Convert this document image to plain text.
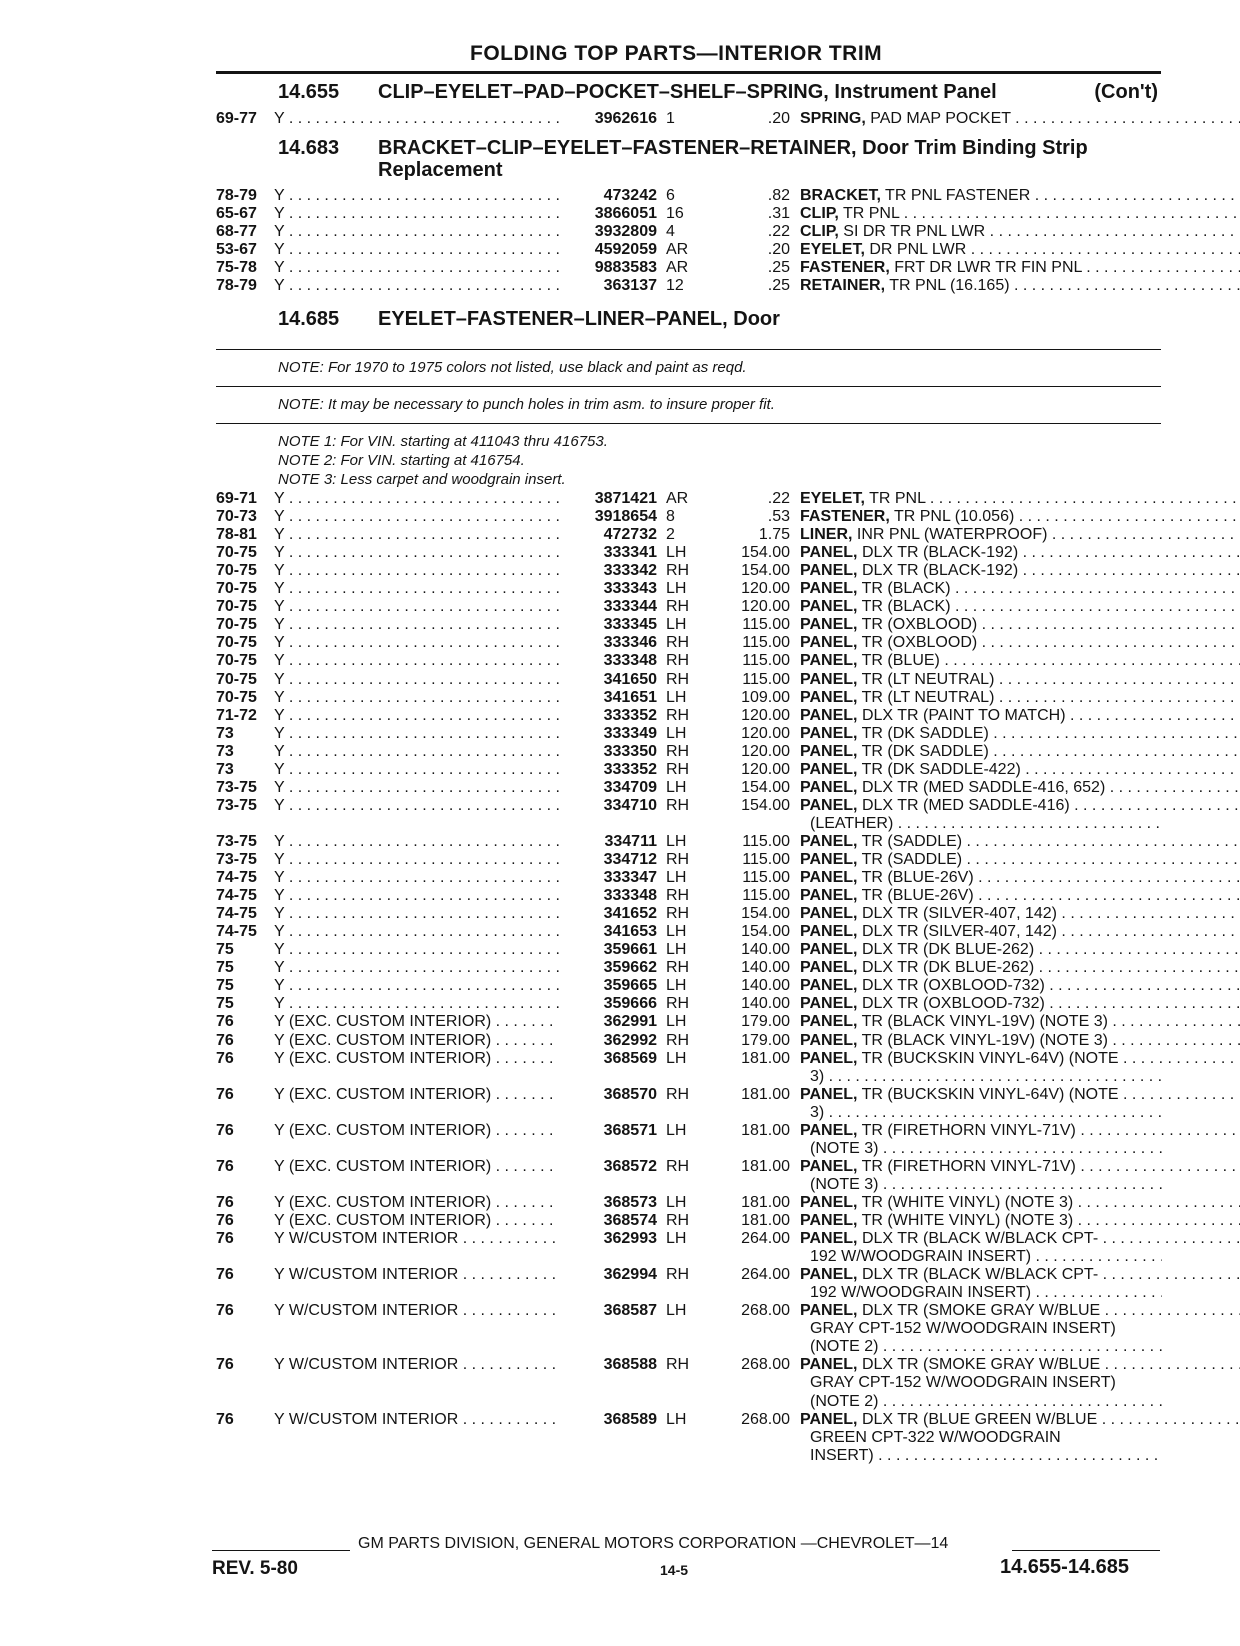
FOLDING TOP PARTS—INTERIOR TRIM
14.655 CLIP–EYELET–PAD–POCKET–SHELF–SPRING, Instrument Panel	(Con't)
69-77	Y . . .	3962616 1	.20 SPRING, PAD MAP POCKET . . .
14.683 BRACKET–CLIP–EYELET–FASTENER–RETAINER, Door Trim Binding Strip
Replacement
78-79	Y . . .	473242 6	.82 BRACKET, TR PNL FASTENER . . .
65-67	Y . . .	3866051 16	.31 CLIP, TR PNL . . .
68-77	Y . . .	3932809 4	.22 CLIP, SI DR TR PNL LWR . . .
53-67	Y . . .	4592059 AR	.20 EYELET, DR PNL LWR . . .
75-78	Y . . .	9883583 AR	.25 FASTENER, FRT DR LWR TR FIN PNL . . .
78-79	Y . . .	363137 12	.25 RETAINER, TR PNL (16.165) . . .
14.685 EYELET–FASTENER–LINER–PANEL, Door
NOTE: For 1970 to 1975 colors not listed, use black and paint as reqd.
NOTE: It may be necessary to punch holes in trim asm. to insure proper fit.
NOTE 1: For VIN. starting at 411043 thru 416753.
NOTE 2: For VIN. starting at 416754.
NOTE 3: Less carpet and woodgrain insert.
69-71	Y . . .	3871421 AR	.22 EYELET, TR PNL . . .
70-73	Y . . .	3918654 8	.53 FASTENER, TR PNL (10.056) . . .
78-81	Y . . .	472732 2	1.75 LINER, INR PNL (WATERPROOF) . . .
70-75	Y . . .	333341 LH	154.00 PANEL, DLX TR (BLACK-192) . . .
70-75	Y . . .	333342 RH	154.00 PANEL, DLX TR (BLACK-192) . . .
70-75	Y . . .	333343 LH	120.00 PANEL, TR (BLACK) . . .
70-75	Y . . .	333344 RH	120.00 PANEL, TR (BLACK) . . .
70-75	Y . . .	333345 LH	115.00 PANEL, TR (OXBLOOD) . . .
70-75	Y . . .	333346 RH	115.00 PANEL, TR (OXBLOOD) . . .
70-75	Y . . .	333348 RH	115.00 PANEL, TR (BLUE) . . .
70-75	Y . . .	341650 RH	115.00 PANEL, TR (LT NEUTRAL) . . .
70-75	Y . . .	341651 LH	109.00 PANEL, TR (LT NEUTRAL) . . .
71-72	Y . . .	333352 RH	120.00 PANEL, DLX TR (PAINT TO MATCH) . . .
73	Y . . .	333349 LH	120.00 PANEL, TR (DK SADDLE) . . .
73	Y . . .	333350 RH	120.00 PANEL, TR (DK SADDLE) . . .
73	Y . . .	333352 RH	120.00 PANEL, TR (DK SADDLE-422) . . .
73-75	Y . . .	334709 LH	154.00 PANEL, DLX TR (MED SADDLE-416, 652) . . .
73-75	Y . . .	334710 RH	154.00 PANEL, DLX TR (MED SADDLE-416) . . .
(LEATHER) . . .
73-75	Y . . .	334711 LH	115.00 PANEL, TR (SADDLE) . . .
73-75	Y . . .	334712 RH	115.00 PANEL, TR (SADDLE) . . .
74-75	Y . . .	333347 LH	115.00 PANEL, TR (BLUE-26V) . . .
74-75	Y . . .	333348 RH	115.00 PANEL, TR (BLUE-26V) . . .
74-75	Y . . .	341652 RH	154.00 PANEL, DLX TR (SILVER-407, 142) . . .
74-75	Y . . .	341653 LH	154.00 PANEL, DLX TR (SILVER-407, 142) . . .
75	Y . . .	359661 LH	140.00 PANEL, DLX TR (DK BLUE-262) . . .
75	Y . . .	359662 RH	140.00 PANEL, DLX TR (DK BLUE-262) . . .
75	Y . . .	359665 LH	140.00 PANEL, DLX TR (OXBLOOD-732) . . .
75	Y . . .	359666 RH	140.00 PANEL, DLX TR (OXBLOOD-732) . . .
76	Y (EXC. CUSTOM INTERIOR) . . .	362991 LH	179.00 PANEL, TR (BLACK VINYL-19V) (NOTE 3) . . .
76	Y (EXC. CUSTOM INTERIOR) . . .	362992 RH	179.00 PANEL, TR (BLACK VINYL-19V) (NOTE 3) . . .
76	Y (EXC. CUSTOM INTERIOR) . . .	368569 LH	181.00 PANEL, TR (BUCKSKIN VINYL-64V) (NOTE . . .
3) . . .
76	Y (EXC. CUSTOM INTERIOR) . . .	368570 RH	181.00 PANEL, TR (BUCKSKIN VINYL-64V) (NOTE . . .
3) . . .
76	Y (EXC. CUSTOM INTERIOR) . . .	368571 LH	181.00 PANEL, TR (FIRETHORN VINYL-71V) . . .
(NOTE 3) . . .
76	Y (EXC. CUSTOM INTERIOR) . . .	368572 RH	181.00 PANEL, TR (FIRETHORN VINYL-71V) . . .
(NOTE 3) . . .
76	Y (EXC. CUSTOM INTERIOR) . . .	368573 LH	181.00 PANEL, TR (WHITE VINYL) (NOTE 3) . . .
76	Y (EXC. CUSTOM INTERIOR) . . .	368574 RH	181.00 PANEL, TR (WHITE VINYL) (NOTE 3) . . .
76	Y W/CUSTOM INTERIOR . . .	362993 LH	264.00 PANEL, DLX TR (BLACK W/BLACK CPT- . . .
192 W/WOODGRAIN INSERT) . . .
76	Y W/CUSTOM INTERIOR . . .	362994 RH	264.00 PANEL, DLX TR (BLACK W/BLACK CPT- . . .
192 W/WOODGRAIN INSERT) . . .
76	Y W/CUSTOM INTERIOR . . .	368587 LH	268.00 PANEL, DLX TR (SMOKE GRAY W/BLUE . . .
GRAY CPT-152 W/WOODGRAIN INSERT)
(NOTE 2) . . .
76	Y W/CUSTOM INTERIOR . . .	368588 RH	268.00 PANEL, DLX TR (SMOKE GRAY W/BLUE . . .
GRAY CPT-152 W/WOODGRAIN INSERT)
(NOTE 2) . . .
76	Y W/CUSTOM INTERIOR . . .	368589 LH	268.00 PANEL, DLX TR (BLUE GREEN W/BLUE . . .
GREEN CPT-322 W/WOODGRAIN
INSERT) . . .
GM PARTS DIVISION, GENERAL MOTORS CORPORATION —CHEVROLET—14
REV. 5-80	14-5	14.655-14.685
